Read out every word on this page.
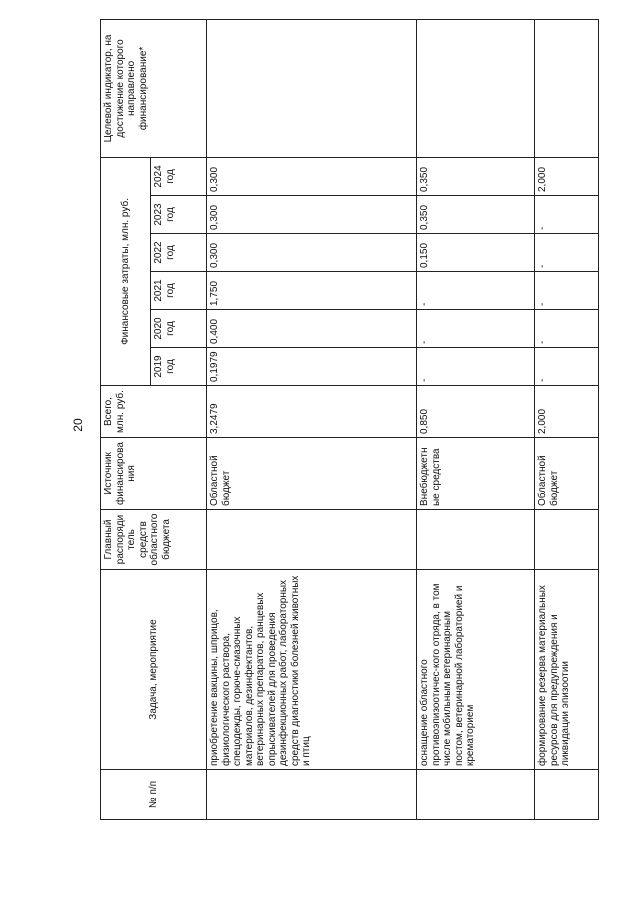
20
№ п/п	Задача, мероприятие	Главный распорядитель средств областного бюджета	Источник финансирования	Всего, млн. руб.	Финансовые затраты, млн. руб.						Целевой индикатор, на достижение которого направлено финансирование*
					2019 год	2020 год	2021 год	2022 год	2023 год	2024 год	
	приобретение вакцины, шприцов, физиологического раствора, спецодежды, горюче-смазочных материалов, дезинфектантов, ветеринарных препаратов, ранцевых опрыскивателей для проведения дезинфекционных работ, лабораторных средств диагностики болезней животных и птиц		Областной бюджет	3,2479	0,1979	0,400	1,750	0,300	0,300	0,300	
	оснащение областного противоэпизоотичес-кого отряда, в том числе мобильным ветеринарным постом, ветеринарной лабораторией и крематорием		Внебюджетные средства	0,850	-	-	-	0,150	0,350	0,350	
	формирование резерва материальных ресурсов для предупреждения и ликвидации эпизоотии		Областной бюджет	2,000	-	-	-	-	-	2,000	
